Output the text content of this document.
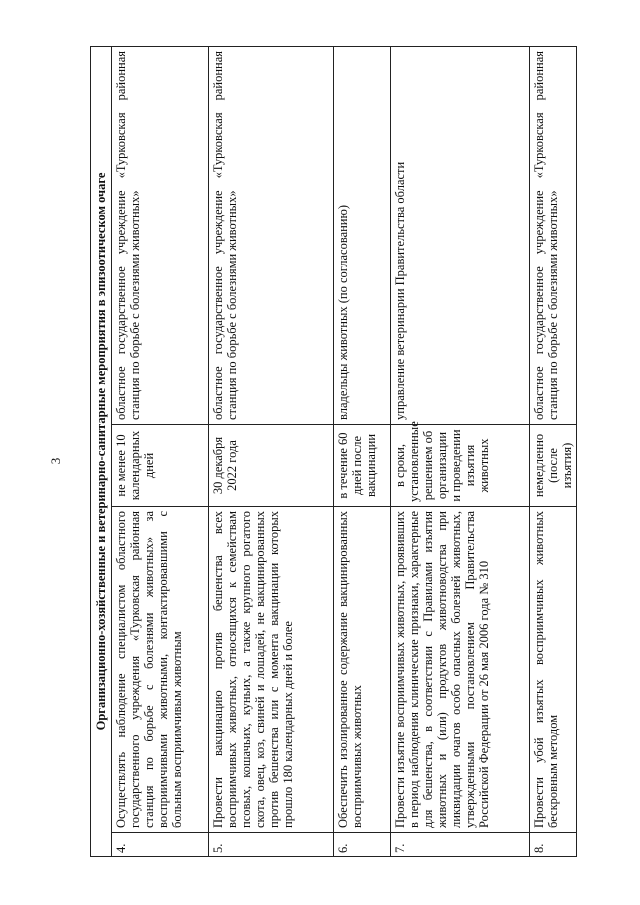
3 Организационно-хозяйственные и ветеринарно-санитарные мероприятия в эпизоотическом очаге			
4.	Осуществлять наблюдение специалистом областного государственного учреждения «Турковская районная станция по борьбе с болезнями животных» за восприимчивыми животными, контактировавшими с больным восприимчивым животным	не менее 10 календарных дней	областное государственное учреждение «Турковская районная станция по борьбе с болезнями животных»
5.	Провести вакцинацию против бешенства всех восприимчивых животных, относящихся к семействам псовых, кошачьих, куньих, а также крупного рогатого скота, овец, коз, свиней и лошадей, не вакцинированных против бешенства или с момента вакцинации которых прошло 180 календарных дней и более	30 декабря 2022 года	областное государственное учреждение «Турковская районная станция по борьбе с болезнями животных»
6.	Обеспечить изолированное содержание вакцинированных восприимчивых животных	в течение 60 дней после вакцинации	владельцы животных (по согласованию)
7.	Провести изъятие восприимчивых животных, проявивших в период наблюдения клинические признаки, характерные для бешенства, в соответствии с Правилами изъятия животных и (или) продуктов животноводства при ликвидации очагов особо опасных болезней животных, утвержденными постановлением Правительства Российской Федерации от 26 мая 2006 года № 310	в сроки, установленные решением об организации и проведении изъятия животных	управление ветеринарии Правительства области
8.	Провести убой изъятых восприимчивых животных бескровным методом	немедленно (после изъятия)	областное государственное учреждение «Турковская районная станция по борьбе с болезнями животных»
